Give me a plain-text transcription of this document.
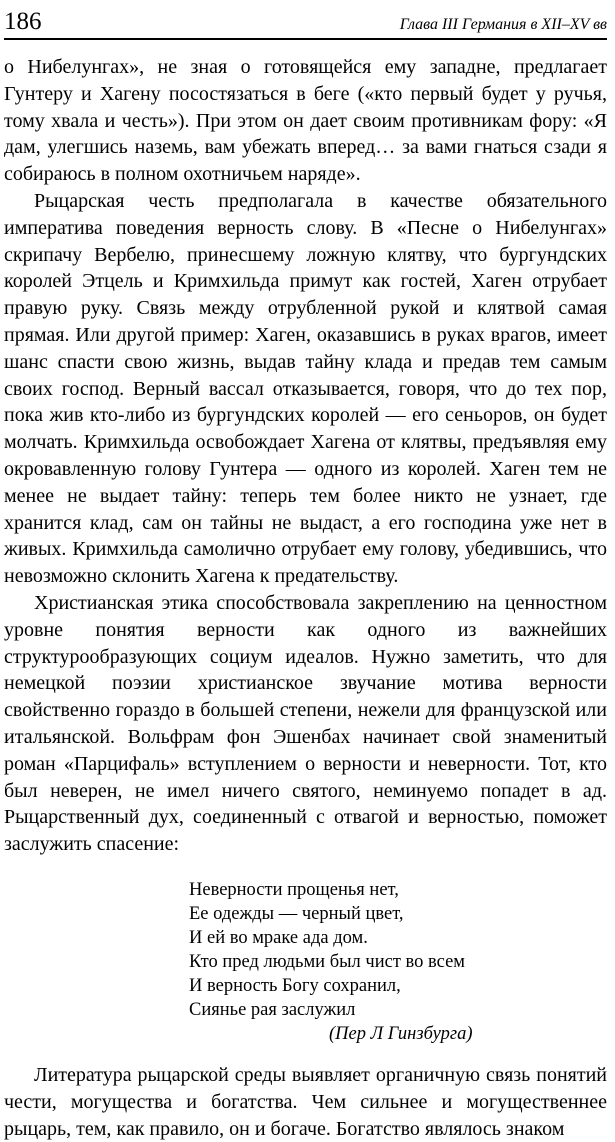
186	Глава III Германия в XII–XV вв

о Нибелунгах», не зная о готовящейся ему западне, предлагает Гунтеру и Хагену посостязаться в беге («кто первый будет у ручья, тому хвала и честь»). При этом он дает своим противникам фору: «Я дам, улегшись наземь, вам убежать вперед… за вами гнаться сзади я собираюсь в полном охотничьем наряде».

Рыцарская честь предполагала в качестве обязательного императива поведения верность слову. В «Песне о Нибелунгах» скрипачу Вербелю, принесшему ложную клятву, что бургундских королей Этцель и Кримхильда примут как гостей, Хаген отрубает правую руку. Связь между отрубленной рукой и клятвой самая прямая. Или другой пример: Хаген, оказавшись в руках врагов, имеет шанс спасти свою жизнь, выдав тайну клада и предав тем самым своих господ. Верный вассал отказывается, говоря, что до тех пор, пока жив кто-либо из бургундских королей — его сеньоров, он будет молчать. Кримхильда освобождает Хагена от клятвы, предъявляя ему окровавленную голову Гунтера — одного из королей. Хаген тем не менее не выдает тайну: теперь тем более никто не узнает, где хранится клад, сам он тайны не выдаст, а его господина уже нет в живых. Кримхильда самолично отрубает ему голову, убедившись, что невозможно склонить Хагена к предательству.

Христианская этика способствовала закреплению на ценностном уровне понятия верности как одного из важнейших структурообразующих социум идеалов. Нужно заметить, что для немецкой поэзии христианское звучание мотива верности свойственно гораздо в большей степени, нежели для французской или итальянской. Вольфрам фон Эшенбах начинает свой знаменитый роман «Парцифаль» вступлением о верности и неверности. Тот, кто был неверен, не имел ничего святого, неминуемо попадет в ад. Рыцарственный дух, соединенный с отвагой и верностью, поможет заслужить спасение:

Неверности прощенья нет,
Ее одежды — черный цвет,
И ей во мраке ада дом.
Кто пред людьми был чист во всем
И верность Богу сохранил,
Сиянье рая заслужил
(Пер Л Гинзбурга)

Литература рыцарской среды выявляет органичную связь понятий чести, могущества и богатства. Чем сильнее и могущественнее рыцарь, тем, как правило, он и богаче. Богатство являлось знаком
